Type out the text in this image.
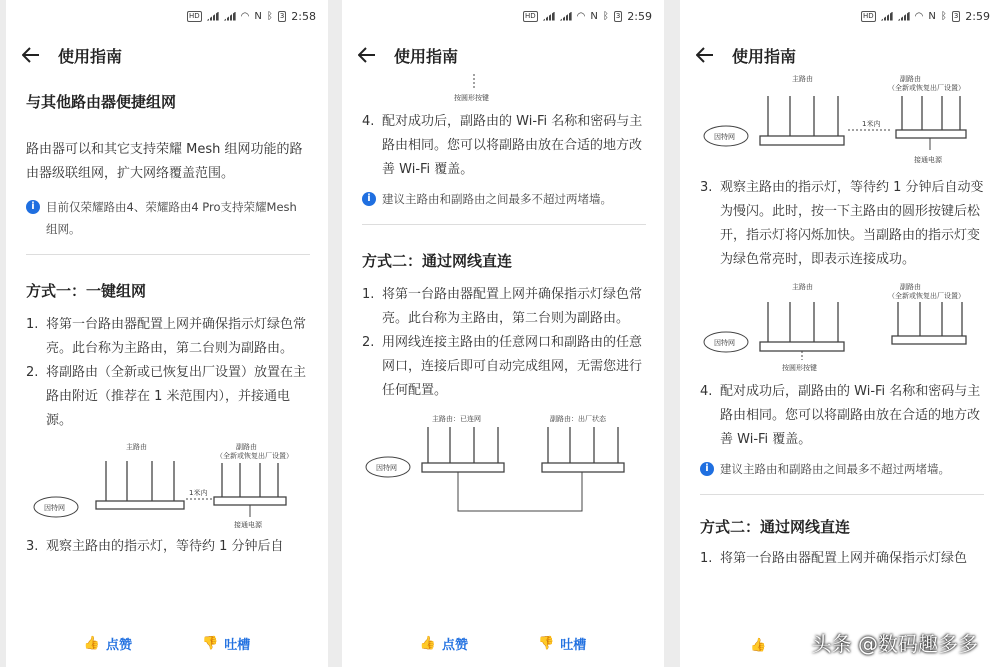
HD	◠ N ᛒ 3 2:58
使用指南
与其他路由器便捷组网

路由器可以和其它支持荣耀 Mesh 组网功能的路由器级联组网，扩大网络覆盖范围。

i 目前仅荣耀路由4、荣耀路由4 Pro支持荣耀Mesh 组网。
方式一：一键组网
1. 将第一台路由器配置上网并确保指示灯绿色常亮。此台称为主路由，第二台则为副路由。
2. 将副路由（全新或已恢复出厂设置）放置在主路由附近（推荐在 1 米范围内），并接通电源。
主路由	副路由
（全新或恢复出厂设置）
因特网
1米内
接通电源
3. 观察主路由的指示灯，等待约 1 分钟后自
👍 点赞	👎 吐槽
HD	◠ N ᛒ 3 2:59
使用指南
按圆形按键
4. 配对成功后，副路由的 Wi-Fi 名称和密码与主路由相同。您可以将副路由放在合适的地方改善 Wi-Fi 覆盖。
i 建议主路由和副路由之间最多不超过两堵墙。
方式二：通过网线直连
1. 将第一台路由器配置上网并确保指示灯绿色常亮。此台称为主路由，第二台则为副路由。
2. 用网线连接主路由的任意网口和副路由的任意网口，连接后即可自动完成组网，无需您进行任何配置。
主路由：已连网	副路由：出厂状态
因特网
👍 点赞	👎 吐槽
HD	◠ N ᛒ 3 2:59
使用指南
主路由	副路由
（全新或恢复出厂设置）
因特网
1米内
接通电源
3. 观察主路由的指示灯，等待约 1 分钟后自动变为慢闪。此时，按一下主路由的圆形按键后松开，指示灯将闪烁加快。当副路由的指示灯变为绿色常亮时，即表示连接成功。
主路由	副路由
（全新或恢复出厂设置）
因特网
按圆形按键
4. 配对成功后，副路由的 Wi-Fi 名称和密码与主路由相同。您可以将副路由放在合适的地方改善 Wi-Fi 覆盖。
i 建议主路由和副路由之间最多不超过两堵墙。
方式二：通过网线直连
1. 将第一台路由器配置上网并确保指示灯绿色
👍 头条 @数码趣多多
